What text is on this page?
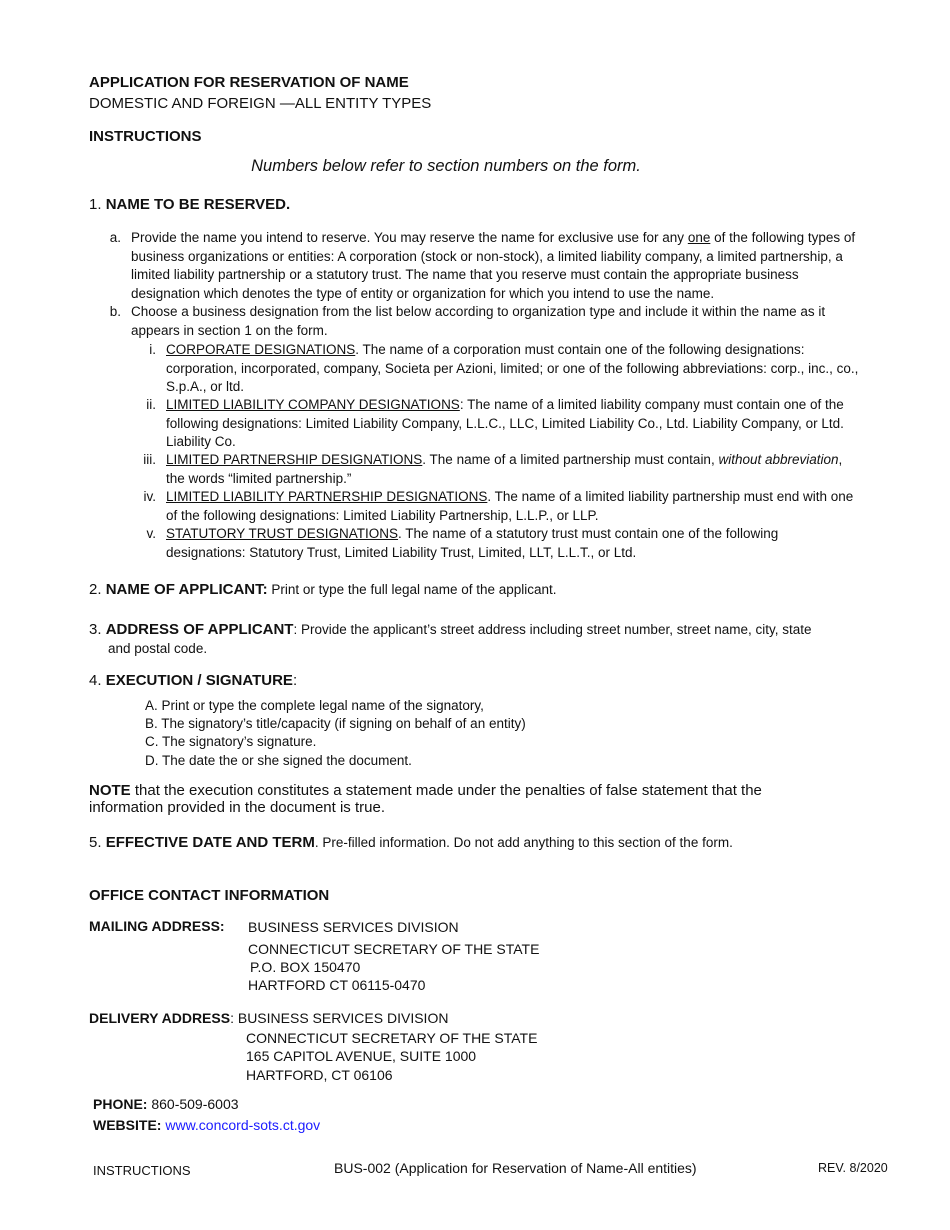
APPLICATION FOR RESERVATION OF NAME
DOMESTIC AND FOREIGN —ALL ENTITY TYPES
INSTRUCTIONS
Numbers below refer to section numbers on the form.
1. NAME TO BE RESERVED.
a. Provide the name you intend to reserve. You may reserve the name for exclusive use for any one of the following types of business organizations or entities: A corporation (stock or non-stock), a limited liability company, a limited partnership, a limited liability partnership or a statutory trust. The name that you reserve must contain the appropriate business designation which denotes the type of entity or organization for which you intend to use the name.
b. Choose a business designation from the list below according to organization type and include it within the name as it appears in section 1 on the form.
i. CORPORATE DESIGNATIONS. The name of a corporation must contain one of the following designations: corporation, incorporated, company, Societa per Azioni, limited; or one of the following abbreviations: corp., inc., co., S.p.A., or ltd.
ii. LIMITED LIABILITY COMPANY DESIGNATIONS: The name of a limited liability company must contain one of the following designations: Limited Liability Company, L.L.C., LLC, Limited Liability Co., Ltd. Liability Company, or Ltd. Liability Co.
iii. LIMITED PARTNERSHIP DESIGNATIONS. The name of a limited partnership must contain, without abbreviation, the words “limited partnership.”
iv. LIMITED LIABILITY PARTNERSHIP DESIGNATIONS. The name of a limited liability partnership must end with one of the following designations: Limited Liability Partnership, L.L.P., or LLP.
v. STATUTORY TRUST DESIGNATIONS. The name of a statutory trust must contain one of the following designations: Statutory Trust, Limited Liability Trust, Limited, LLT, L.L.T., or Ltd.
2. NAME OF APPLICANT: Print or type the full legal name of the applicant.
3. ADDRESS OF APPLICANT: Provide the applicant’s street address including street number, street name, city, state
and postal code.
4. EXECUTION / SIGNATURE:
A. Print or type the complete legal name of the signatory,
B. The signatory’s title/capacity (if signing on behalf of an entity)
C. The signatory’s signature.
D. The date the or she signed the document.
NOTE that the execution constitutes a statement made under the penalties of false statement that the
information provided in the document is true.
5. EFFECTIVE DATE AND TERM. Pre-filled information. Do not add anything to this section of the form.
OFFICE CONTACT INFORMATION
MAILING ADDRESS: BUSINESS SERVICES DIVISION
CONNECTICUT SECRETARY OF THE STATE
P.O. BOX 150470
HARTFORD CT 06115-0470
DELIVERY ADDRESS: BUSINESS SERVICES DIVISION
CONNECTICUT SECRETARY OF THE STATE
165 CAPITOL AVENUE, SUITE 1000
HARTFORD, CT 06106
PHONE: 860-509-6003
WEBSITE: www.concord-sots.ct.gov
INSTRUCTIONS	BUS-002 (Application for Reservation of Name-All entities)	REV. 8/2020
